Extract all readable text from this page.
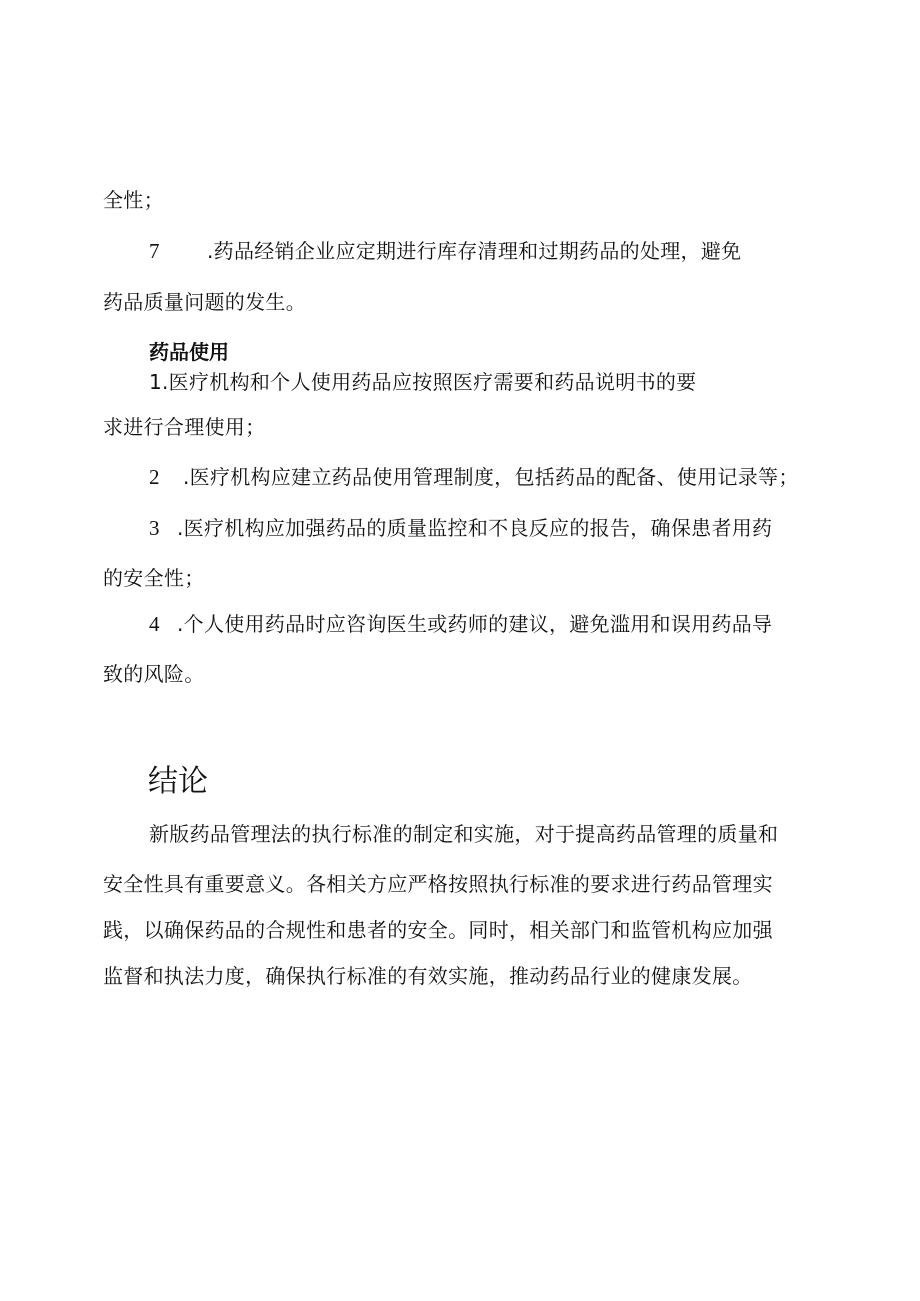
全性；
7 .药品经销企业应定期进行库存清理和过期药品的处理，避免
药品质量问题的发生。
药品使用
1.医疗机构和个人使用药品应按照医疗需要和药品说明书的要
求进行合理使用；
2 .医疗机构应建立药品使用管理制度，包括药品的配备、使用记录等；
3 .医疗机构应加强药品的质量监控和不良反应的报告，确保患者用药
的安全性；
4 .个人使用药品时应咨询医生或药师的建议，避免滥用和误用药品导
致的风险。
结论
新版药品管理法的执行标准的制定和实施，对于提高药品管理的质量和
安全性具有重要意义。各相关方应严格按照执行标准的要求进行药品管理实
践，以确保药品的合规性和患者的安全。同时，相关部门和监管机构应加强
监督和执法力度，确保执行标准的有效实施，推动药品行业的健康发展。
